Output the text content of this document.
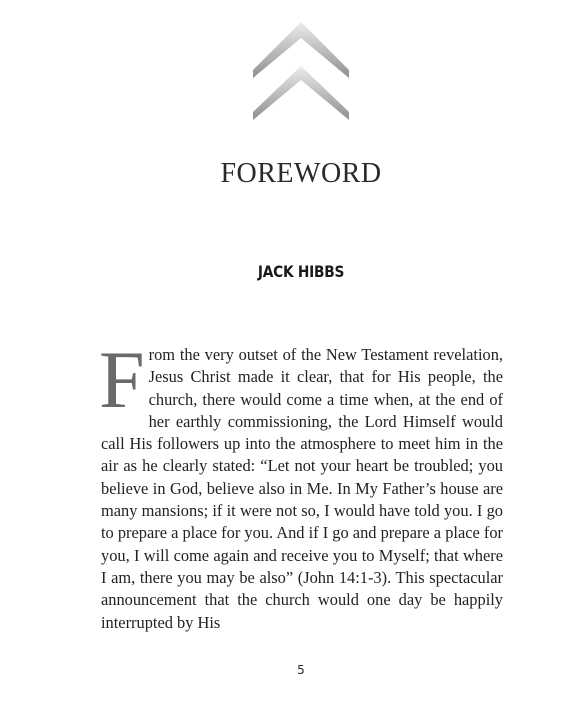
FOREWORD
JACK HIBBS

From the very outset of the New Testament revelation, Jesus Christ made it clear, that for His people, the church, there would come a time when, at the end of her earthly commissioning, the Lord Himself would call His followers up into the atmosphere to meet him in the air as he clearly stated: “Let not your heart be troubled; you believe in God, believe also in Me. In My Father’s house are many mansions; if it were not so, I would have told you. I go to prepare a place for you. And if I go and prepare a place for you, I will come again and receive you to Myself; that where I am, there you may be also” (John 14:1-3). This spectacular announcement that the church would one day be happily interrupted by His

5
